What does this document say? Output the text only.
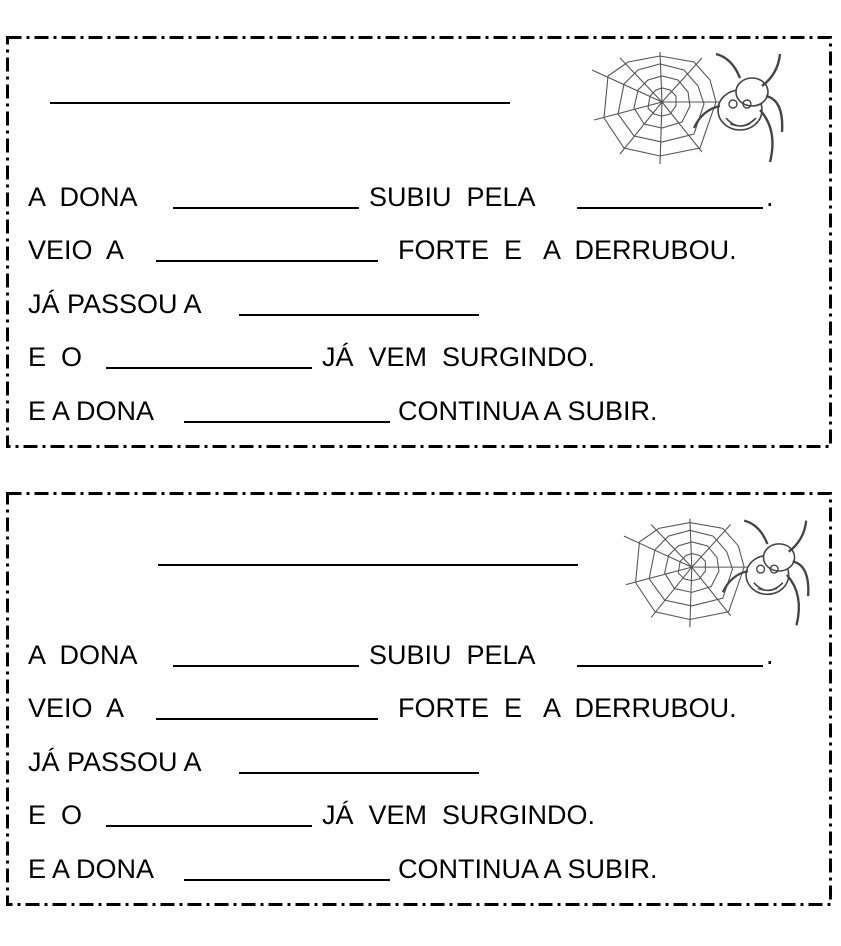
A  DONA	SUBIU  PELA	.
VEIO  A	FORTE  E   A  DERRUBOU.
JÁ PASSOU A
E  O	JÁ  VEM  SURGINDO.
E A DONA	CONTINUA A SUBIR.
A  DONA	SUBIU  PELA	.
VEIO  A	FORTE  E   A  DERRUBOU.
JÁ PASSOU A
E  O	JÁ  VEM  SURGINDO.
E A DONA	CONTINUA A SUBIR.
